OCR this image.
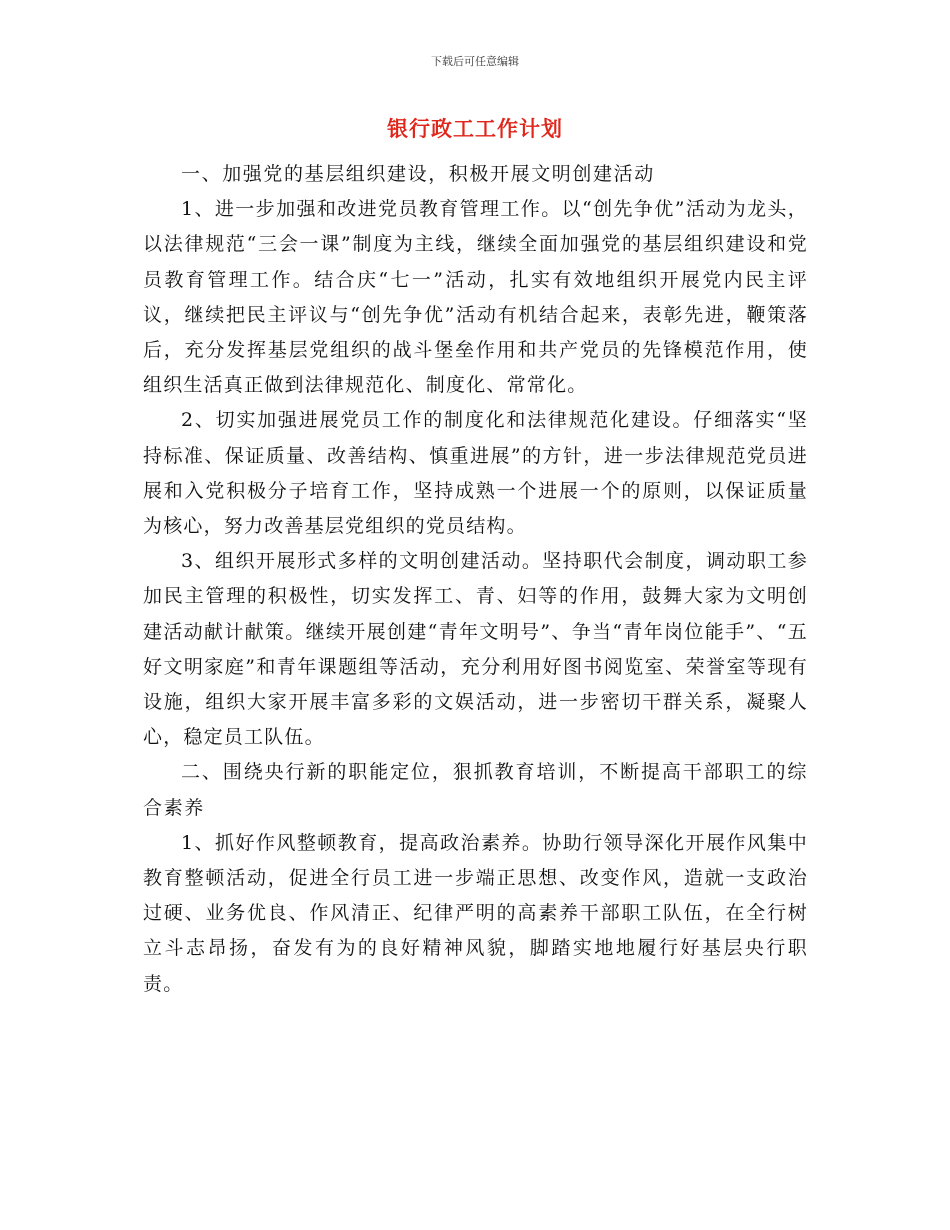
下载后可任意编辑
银行政工工作计划

一、加强党的基层组织建设，积极开展文明创建活动

1、进一步加强和改进党员教育管理工作。以“创先争优”活动为龙头，以法律规范“三会一课”制度为主线，继续全面加强党的基层组织建设和党员教育管理工作。结合庆“七一”活动，扎实有效地组织开展党内民主评议，继续把民主评议与“创先争优”活动有机结合起来，表彰先进，鞭策落后，充分发挥基层党组织的战斗堡垒作用和共产党员的先锋模范作用，使组织生活真正做到法律规范化、制度化、常常化。

2、切实加强进展党员工作的制度化和法律规范化建设。仔细落实“坚持标准、保证质量、改善结构、慎重进展”的方针，进一步法律规范党员进展和入党积极分子培育工作，坚持成熟一个进展一个的原则，以保证质量为核心，努力改善基层党组织的党员结构。

3、组织开展形式多样的文明创建活动。坚持职代会制度，调动职工参加民主管理的积极性，切实发挥工、青、妇等的作用，鼓舞大家为文明创建活动献计献策。继续开展创建“青年文明号”、争当“青年岗位能手”、“五好文明家庭”和青年课题组等活动，充分利用好图书阅览室、荣誉室等现有设施，组织大家开展丰富多彩的文娱活动，进一步密切干群关系，凝聚人心，稳定员工队伍。

二、围绕央行新的职能定位，狠抓教育培训，不断提高干部职工的综合素养

1、抓好作风整顿教育，提高政治素养。协助行领导深化开展作风集中教育整顿活动，促进全行员工进一步端正思想、改变作风，造就一支政治过硬、业务优良、作风清正、纪律严明的高素养干部职工队伍，在全行树立斗志昂扬，奋发有为的良好精神风貌，脚踏实地地履行好基层央行职责。
